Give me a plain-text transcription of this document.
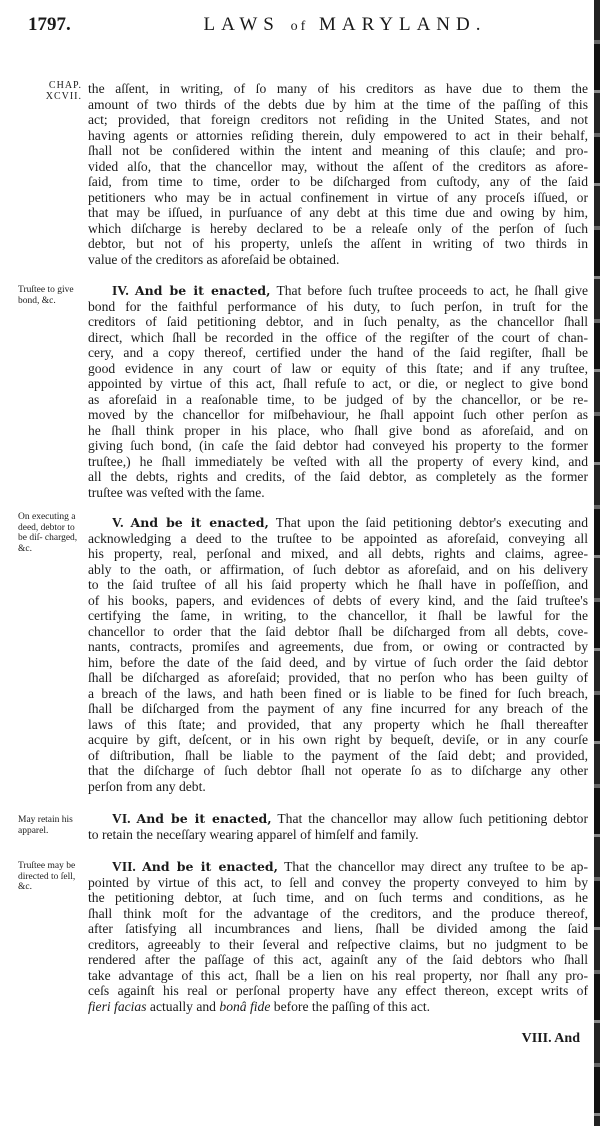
1797.	LAWS of MARYLAND.
CHAP.
XCVII.
the aſſent, in writing, of ſo many of his creditors as have due to them the
amount of two thirds of the debts due by him at the time of the paſſing of this
act; provided, that foreign creditors not reſiding in the United States, and not
having agents or attornies reſiding therein, duly empowered to act in their behalf,
ſhall not be conſidered within the intent and meaning of this clauſe; and pro-
vided alſo, that the chancellor may, without the aſſent of the creditors as afore-
ſaid, from time to time, order to be diſcharged from cuſtody, any of the ſaid
petitioners who may be in actual confinement in virtue of any proceſs iſſued, or
that may be iſſued, in purſuance of any debt at this time due and owing by him,
which diſcharge is hereby declared to be a releaſe only of the perſon of ſuch
debtor, but not of his property, unleſs the aſſent in writing of two thirds in
value of the creditors as aforeſaid be obtained.
IV. And be it enacted, That before ſuch truſtee proceeds to act, he ſhall give
bond for the faithful performance of his duty, to ſuch perſon, in truſt for the
creditors of ſaid petitioning debtor, and in ſuch penalty, as the chancellor ſhall
direct, which ſhall be recorded in the office of the regiſter of the court of chan-
cery, and a copy thereof, certified under the hand of the ſaid regiſter, ſhall be
good evidence in any court of law or equity of this ſtate; and if any truſtee,
appointed by virtue of this act, ſhall refuſe to act, or die, or neglect to give bond
as aforeſaid in a reaſonable time, to be judged of by the chancellor, or be re-
moved by the chancellor for miſbehaviour, he ſhall appoint ſuch other perſon as
he ſhall think proper in his place, who ſhall give bond as aforeſaid, and on
giving ſuch bond, (in caſe the ſaid debtor had conveyed his property to the former
truſtee,) he ſhall immediately be veſted with all the property of every kind, and
all the debts, rights and credits, of the ſaid debtor, as completely as the former
truſtee was veſted with the ſame.
V. And be it enacted, That upon the ſaid petitioning debtor's executing and
acknowledging a deed to the truſtee to be appointed as aforeſaid, conveying all
his property, real, perſonal and mixed, and all debts, rights and claims, agree-
ably to the oath, or affirmation, of ſuch debtor as aforeſaid, and on his delivery
to the ſaid truſtee of all his ſaid property which he ſhall have in poſſeſſion, and
of his books, papers, and evidences of debts of every kind, and the ſaid truſtee's
certifying the ſame, in writing, to the chancellor, it ſhall be lawful for the
chancellor to order that the ſaid debtor ſhall be diſcharged from all debts, cove-
nants, contracts, promiſes and agreements, due from, or owing or contracted by
him, before the date of the ſaid deed, and by virtue of ſuch order the ſaid debtor
ſhall be diſcharged as aforeſaid; provided, that no perſon who has been guilty of
a breach of the laws, and hath been fined or is liable to be fined for ſuch breach,
ſhall be diſcharged from the payment of any fine incurred for any breach of the
laws of this ſtate; and provided, that any property which he ſhall thereafter
acquire by gift, deſcent, or in his own right by bequeſt, deviſe, or in any courſe
of diſtribution, ſhall be liable to the payment of the ſaid debt; and provided,
that the diſcharge of ſuch debtor ſhall not operate ſo as to diſcharge any other
perſon from any debt.
VI. And be it enacted, That the chancellor may allow ſuch petitioning debtor
to retain the neceſſary wearing apparel of himſelf and family.
VII. And be it enacted, That the chancellor may direct any truſtee to be ap-
pointed by virtue of this act, to ſell and convey the property conveyed to him by
the petitioning debtor, at ſuch time, and on ſuch terms and conditions, as he
ſhall think moſt for the advantage of the creditors, and the produce thereof,
after ſatisfying all incumbrances and liens, ſhall be divided among the ſaid
creditors, agreeably to their ſeveral and reſpective claims, but no judgment to be
rendered after the paſſage of this act, againſt any of the ſaid debtors who ſhall
take advantage of this act, ſhall be a lien on his real property, nor ſhall any pro-
ceſs againſt his real or perſonal property have any effect thereon, except writs of
fieri facias actually and bonâ fide before the paſſing of this act.
VIII. And
Truſtee to give bond, &c.
On executing a deed, debtor to be diſ- charged, &c.
May retain his apparel.
Truſtee may be directed to ſell, &c.
